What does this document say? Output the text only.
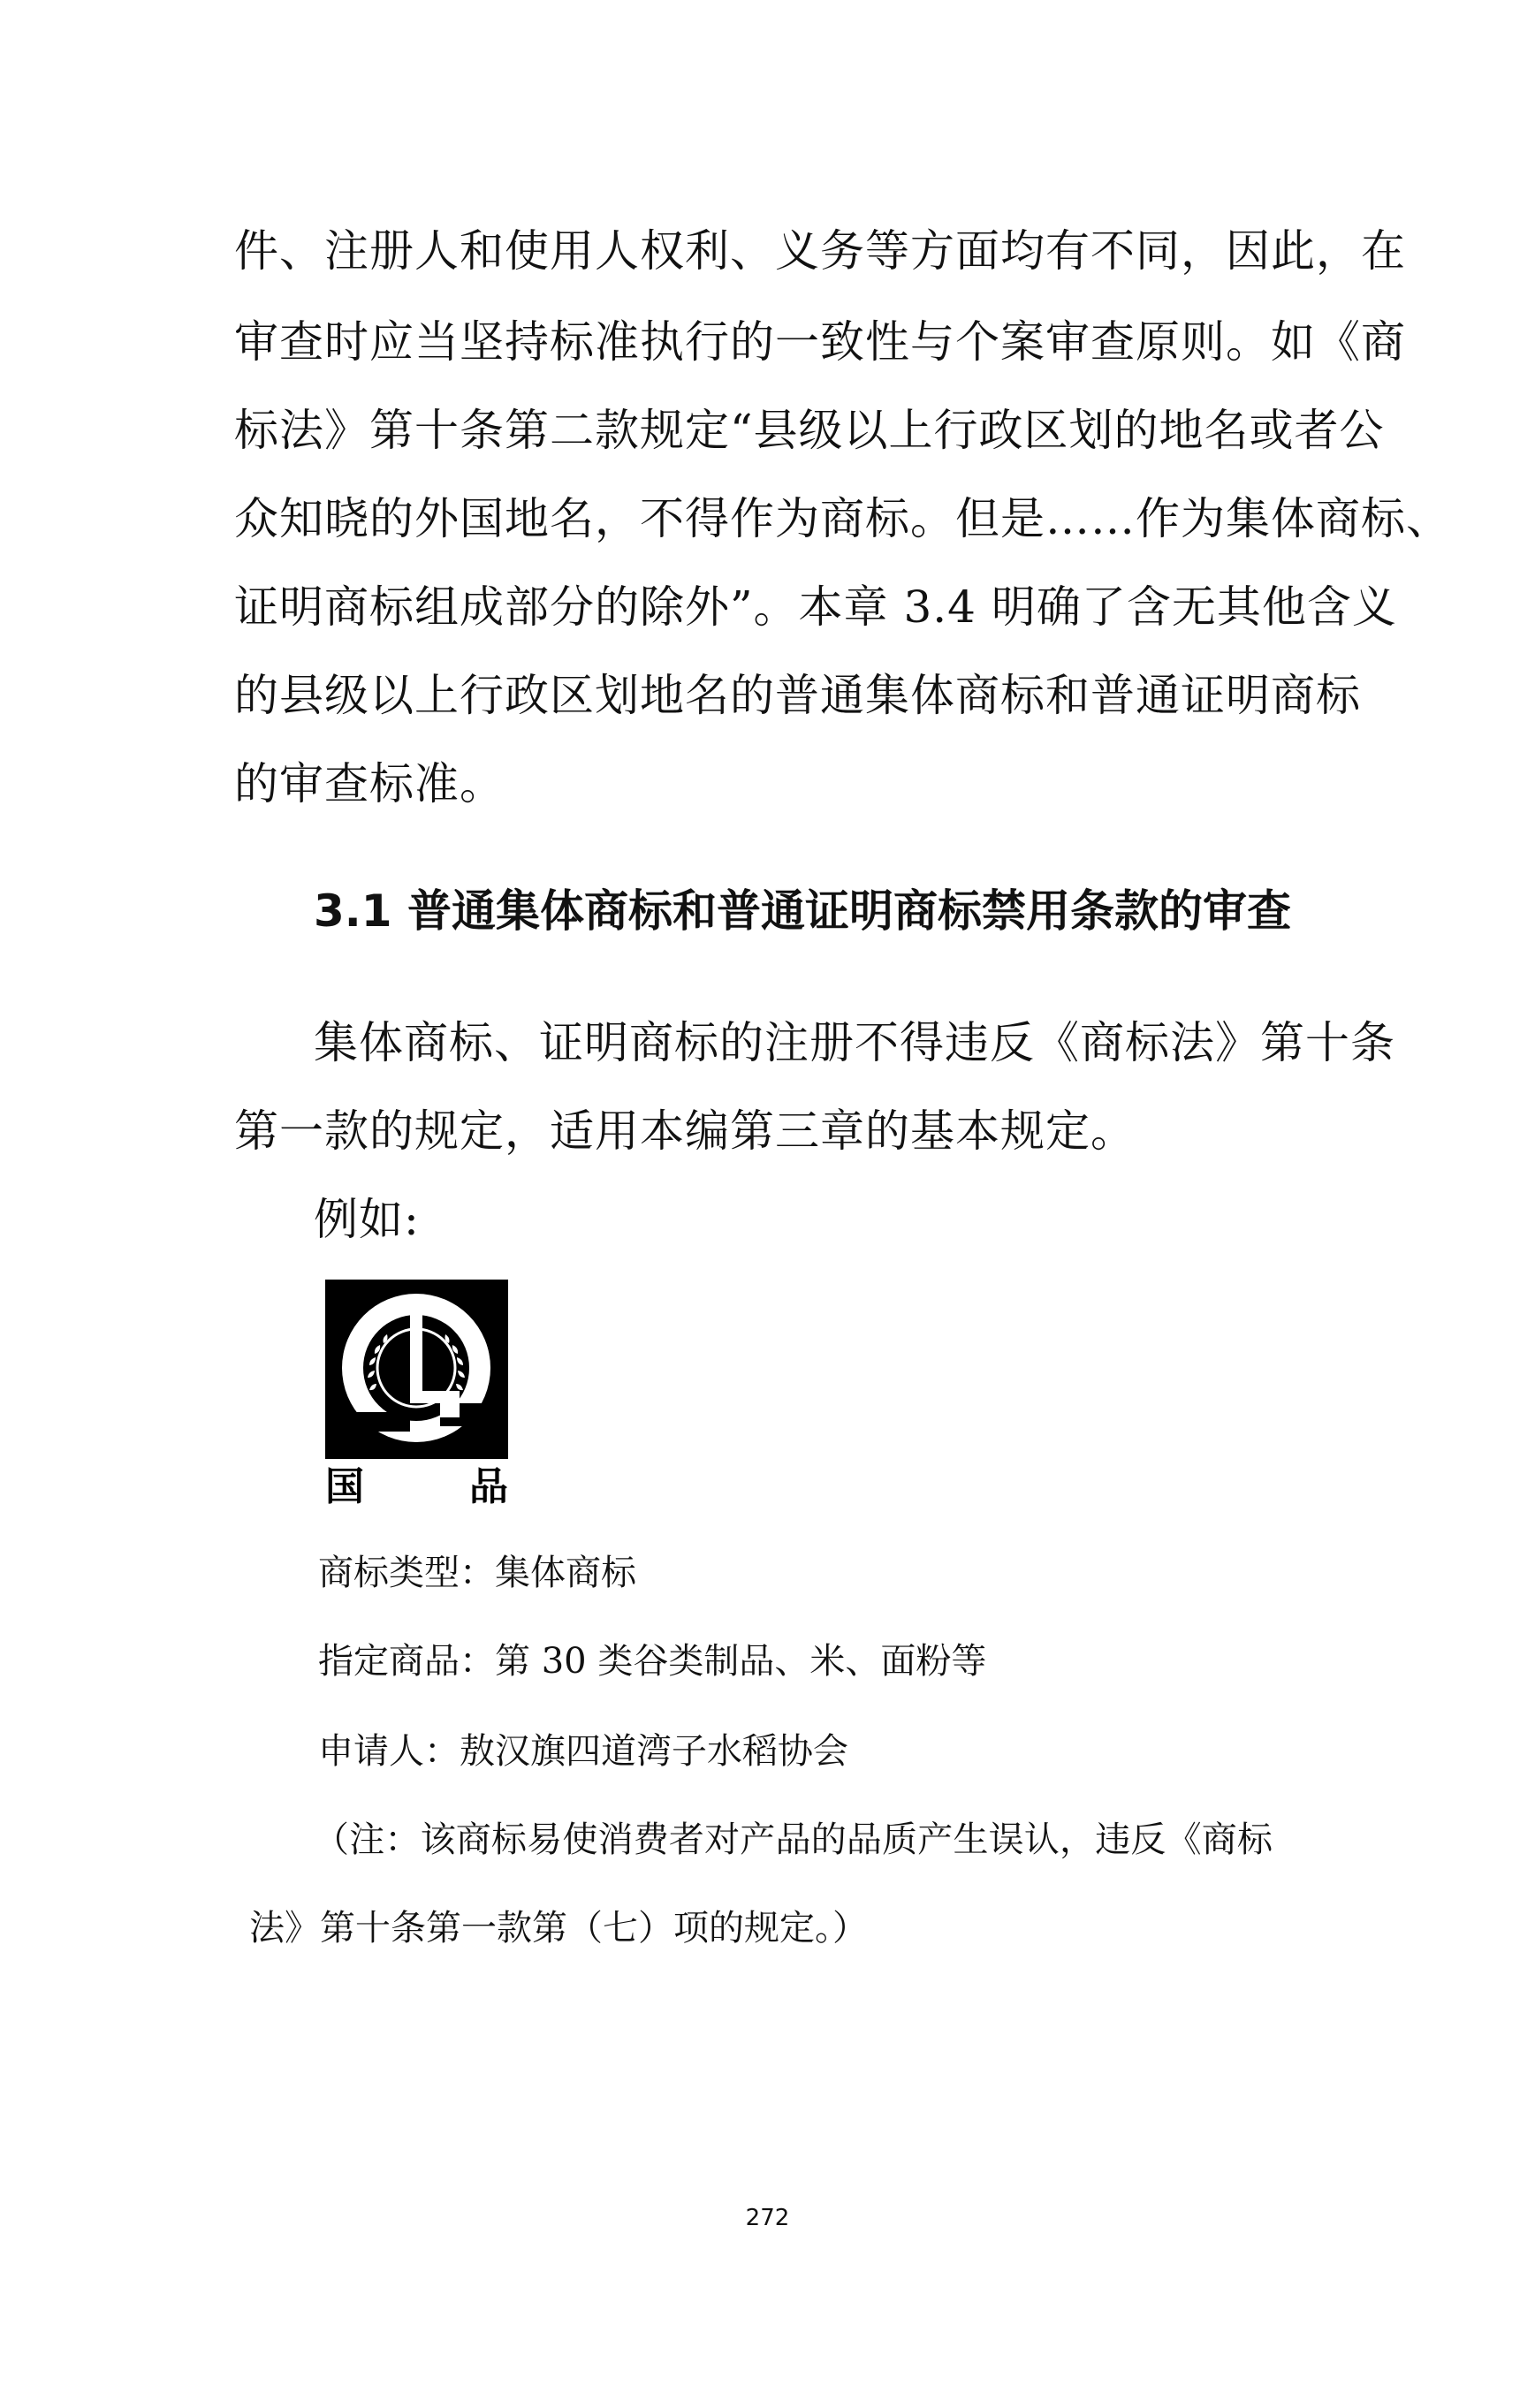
件、注册人和使用人权利、义务等方面均有不同，因此，在
审查时应当坚持标准执行的一致性与个案审查原则。如《商
标法》第十条第二款规定“县级以上行政区划的地名或者公
众知晓的外国地名，不得作为商标。但是……作为集体商标、
证明商标组成部分的除外”。本章 3.4 明确了含无其他含义
的县级以上行政区划地名的普通集体商标和普通证明商标
的审查标准。
3.1 普通集体商标和普通证明商标禁用条款的审查
集体商标、证明商标的注册不得违反《商标法》第十条
第一款的规定，适用本编第三章的基本规定。
例如:
国	品
商标类型：集体商标
指定商品：第 30 类谷类制品、米、面粉等
申请人：敖汉旗四道湾子水稻协会
（注：该商标易使消费者对产品的品质产生误认，违反《商标
法》第十条第一款第（七）项的规定。）
272
